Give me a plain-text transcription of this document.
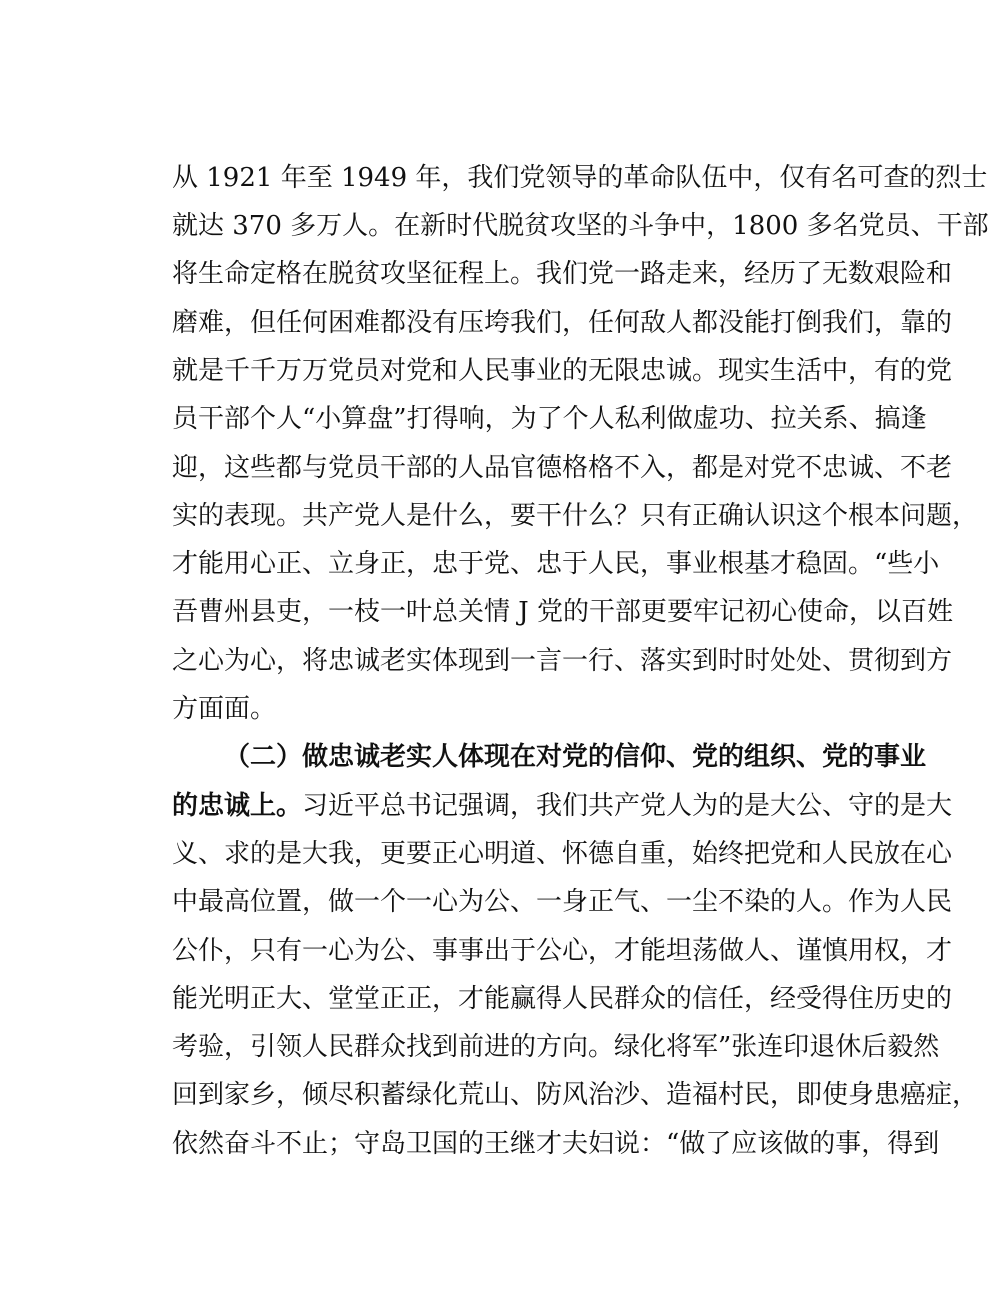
从 1921 年至 1949 年，我们党领导的革命队伍中，仅有名可查的烈士
就达 370 多万人。在新时代脱贫攻坚的斗争中，1800 多名党员、干部
将生命定格在脱贫攻坚征程上。我们党一路走来，经历了无数艰险和
磨难，但任何困难都没有压垮我们，任何敌人都没能打倒我们，靠的
就是千千万万党员对党和人民事业的无限忠诚。现实生活中，有的党
员干部个人“小算盘”打得响，为了个人私利做虚功、拉关系、搞逢
迎，这些都与党员干部的人品官德格格不入，都是对党不忠诚、不老
实的表现。共产党人是什么，要干什么？只有正确认识这个根本问题，
才能用心正、立身正，忠于党、忠于人民，事业根基才稳固。“些小
吾曹州县吏，一枝一叶总关情 J 党的干部更要牢记初心使命，以百姓
之心为心，将忠诚老实体现到一言一行、落实到时时处处、贯彻到方
方面面。
（二）做忠诚老实人体现在对党的信仰、党的组织、党的事业
的忠诚上。习近平总书记强调，我们共产党人为的是大公、守的是大
义、求的是大我，更要正心明道、怀德自重，始终把党和人民放在心
中最高位置，做一个一心为公、一身正气、一尘不染的人。作为人民
公仆，只有一心为公、事事出于公心，才能坦荡做人、谨慎用权，才
能光明正大、堂堂正正，才能赢得人民群众的信任，经受得住历史的
考验，引领人民群众找到前进的方向。绿化将军”张连印退休后毅然
回到家乡，倾尽积蓄绿化荒山、防风治沙、造福村民，即使身患癌症，
依然奋斗不止；守岛卫国的王继才夫妇说：“做了应该做的事，得到
